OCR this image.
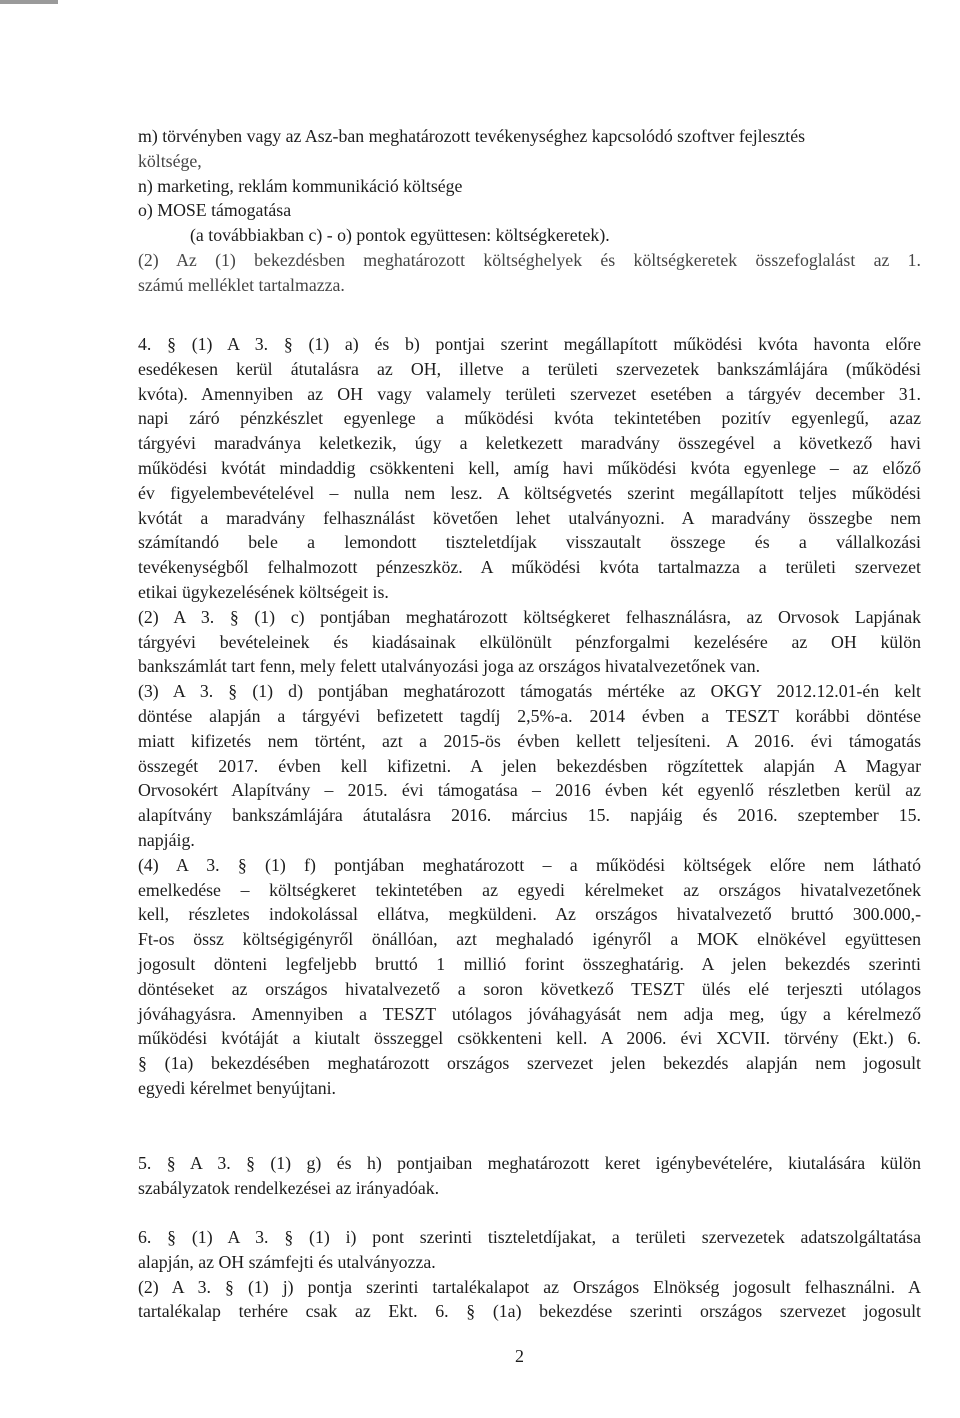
m) törvényben vagy az Asz-ban meghatározott tevékenységhez kapcsolódó szoftver fejlesztés
költsége,
n) marketing, reklám kommunikáció költsége
o) MOSE támogatása
(a továbbiakban c) - o) pontok együttesen: költségkeretek).
(2) Az (1) bekezdésben meghatározott költséghelyek és költségkeretek összefoglalást az 1.
számú melléklet tartalmazza.
4. § (1) A 3. § (1) a) és b) pontjai szerint megállapított működési kvóta havonta előre
esedékesen kerül átutalásra az OH, illetve a területi szervezetek bankszámlájára (működési
kvóta). Amennyiben az OH vagy valamely területi szervezet esetében a tárgyév december 31.
napi záró pénzkészlet egyenlege a működési kvóta tekintetében pozitív egyenlegű, azaz
tárgyévi maradványa keletkezik, úgy a keletkezett maradvány összegével a következő havi
működési kvótát mindaddig csökkenteni kell, amíg havi működési kvóta egyenlege – az előző
év figyelembevételével – nulla nem lesz. A költségvetés szerint megállapított teljes működési
kvótát a maradvány felhasználást követően lehet utalványozni. A maradvány összegbe nem
számítandó bele a lemondott tiszteletdíjak visszautalt összege és a vállalkozási
tevékenységből felhalmozott pénzeszköz. A működési kvóta tartalmazza a területi szervezet
etikai ügykezelésének költségeit is.
(2) A 3. § (1) c) pontjában meghatározott költségkeret felhasználásra, az Orvosok Lapjának
tárgyévi bevételeinek és kiadásainak elkülönült pénzforgalmi kezelésére az OH külön
bankszámlát tart fenn, mely felett utalványozási joga az országos hivatalvezetőnek van.
(3) A 3. § (1) d) pontjában meghatározott támogatás mértéke az OKGY 2012.12.01-én kelt
döntése alapján a tárgyévi befizetett tagdíj 2,5%-a. 2014 évben a TESZT korábbi döntése
miatt kifizetés nem történt, azt a 2015-ös évben kellett teljesíteni. A 2016. évi támogatás
összegét 2017. évben kell kifizetni. A jelen bekezdésben rögzítettek alapján A Magyar
Orvosokért Alapítvány – 2015. évi támogatása – 2016 évben két egyenlő részletben kerül az
alapítvány bankszámlájára átutalásra 2016. március 15. napjáig és 2016. szeptember 15.
napjáig.
(4) A 3. § (1) f) pontjában meghatározott – a működési költségek előre nem látható
emelkedése – költségkeret tekintetében az egyedi kérelmeket az országos hivatalvezetőnek
kell, részletes indokolással ellátva, megküldeni. Az országos hivatalvezető bruttó 300.000,-
Ft-os össz költségigényről önállóan, azt meghaladó igényről a MOK elnökével együttesen
jogosult dönteni legfeljebb bruttó 1 millió forint összeghatárig. A jelen bekezdés szerinti
döntéseket az országos hivatalvezető a soron következő TESZT ülés elé terjeszti utólagos
jóváhagyásra. Amennyiben a TESZT utólagos jóváhagyását nem adja meg, úgy a kérelmező
működési kvótáját a kiutalt összeggel csökkenteni kell. A 2006. évi XCVII. törvény (Ekt.) 6.
§ (1a) bekezdésében meghatározott országos szervezet jelen bekezdés alapján nem jogosult
egyedi kérelmet benyújtani.
5. § A 3. § (1) g) és h) pontjaiban meghatározott keret igénybevételére, kiutalására külön
szabályzatok rendelkezései az irányadóak.
6. § (1) A 3. § (1) i) pont szerinti tiszteletdíjakat, a területi szervezetek adatszolgáltatása
alapján, az OH számfejti és utalványozza.
(2) A 3. § (1) j) pontja szerinti tartalékalapot az Országos Elnökség jogosult felhasználni. A
tartalékalap terhére csak az Ekt. 6. § (1a) bekezdése szerinti országos szervezet jogosult
2
